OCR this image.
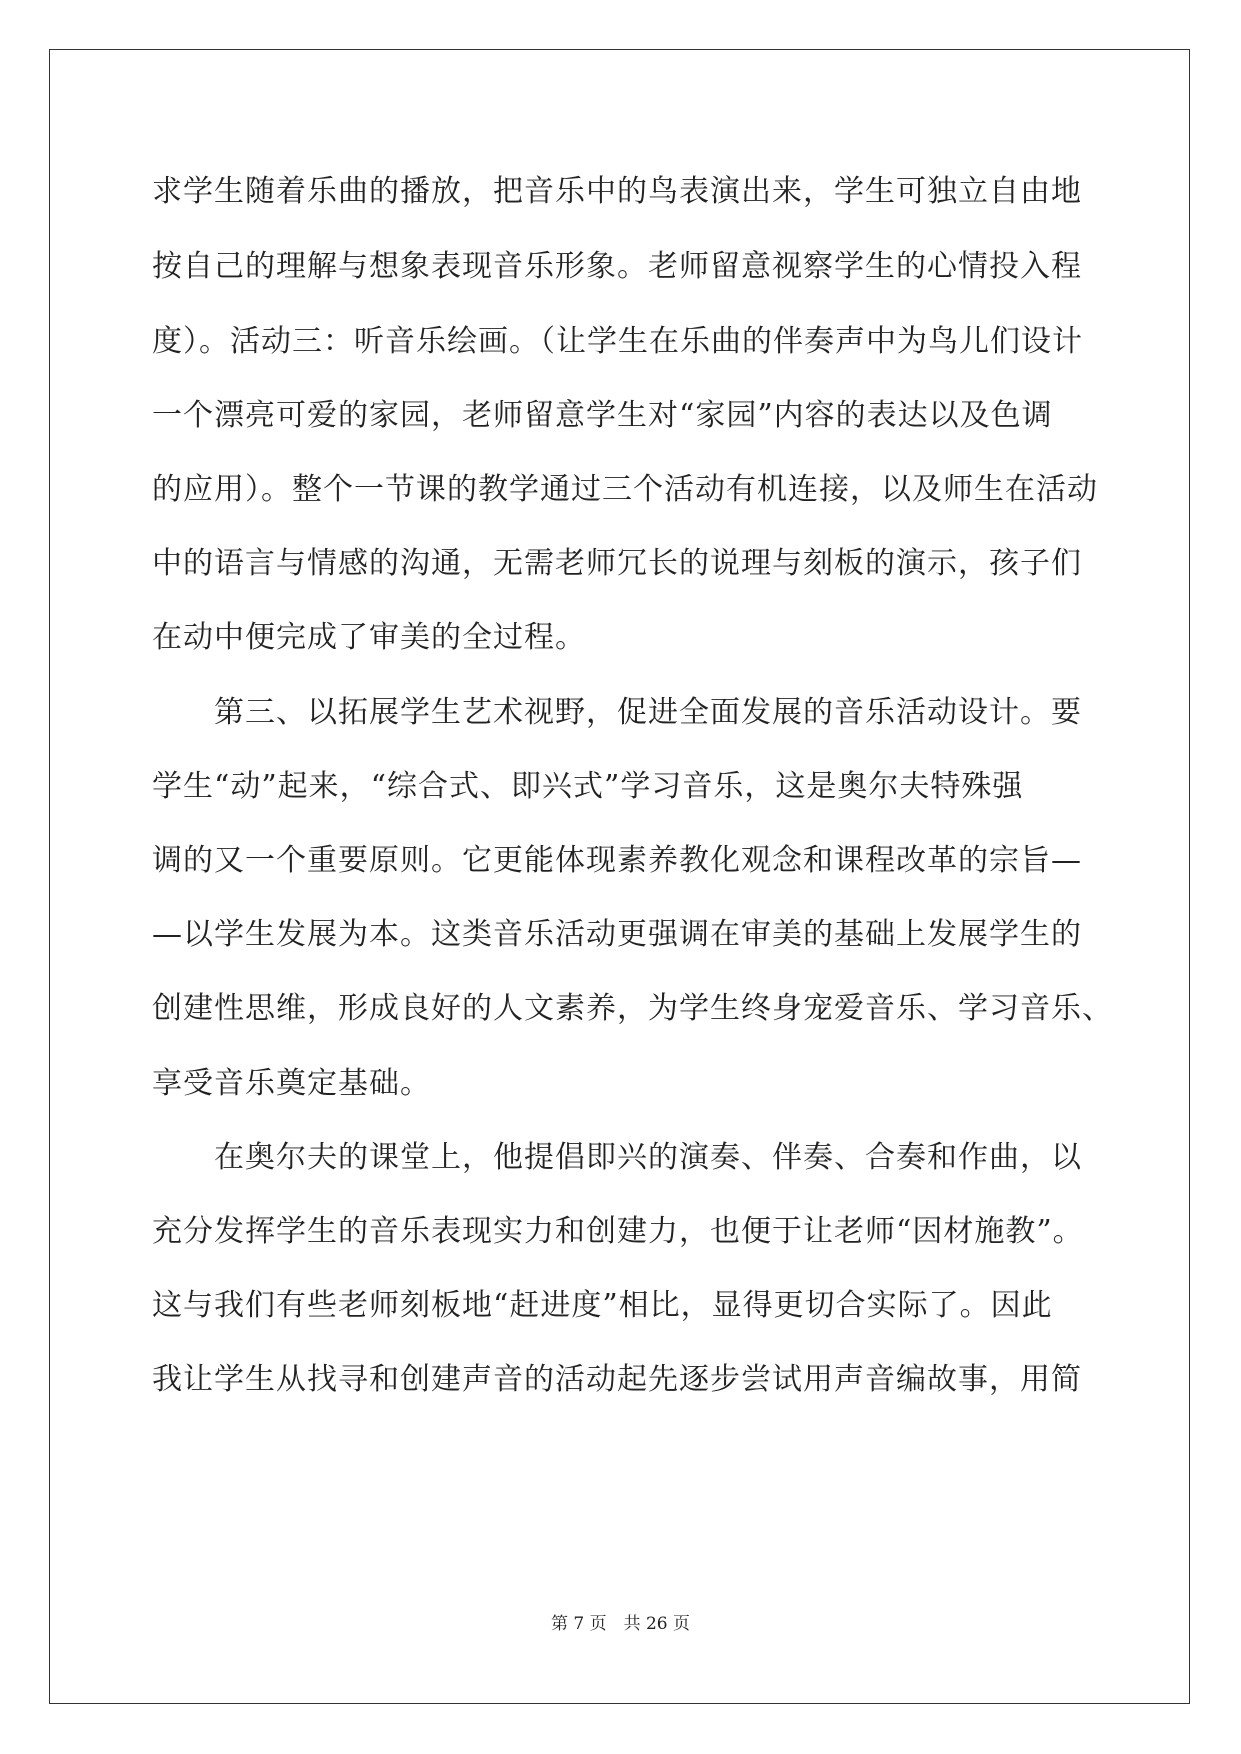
求学生随着乐曲的播放，把音乐中的鸟表演出来，学生可独立自由地
按自己的理解与想象表现音乐形象。老师留意视察学生的心情投入程
度）。活动三：听音乐绘画。（让学生在乐曲的伴奏声中为鸟儿们设计
一个漂亮可爱的家园，老师留意学生对“家园”内容的表达以及色调
的应用）。整个一节课的教学通过三个活动有机连接，以及师生在活动
中的语言与情感的沟通，无需老师冗长的说理与刻板的演示，孩子们
在动中便完成了审美的全过程。
第三、以拓展学生艺术视野，促进全面发展的音乐活动设计。要
学生“动”起来，“综合式、即兴式”学习音乐，这是奥尔夫特殊强
调的又一个重要原则。它更能体现素养教化观念和课程改革的宗旨—
—以学生发展为本。这类音乐活动更强调在审美的基础上发展学生的
创建性思维，形成良好的人文素养，为学生终身宠爱音乐、学习音乐、
享受音乐奠定基础。
在奥尔夫的课堂上，他提倡即兴的演奏、伴奏、合奏和作曲，以
充分发挥学生的音乐表现实力和创建力，也便于让老师“因材施教”。
这与我们有些老师刻板地“赶进度”相比，显得更切合实际了。因此
我让学生从找寻和创建声音的活动起先逐步尝试用声音编故事，用简
第 7 页　共 26 页
